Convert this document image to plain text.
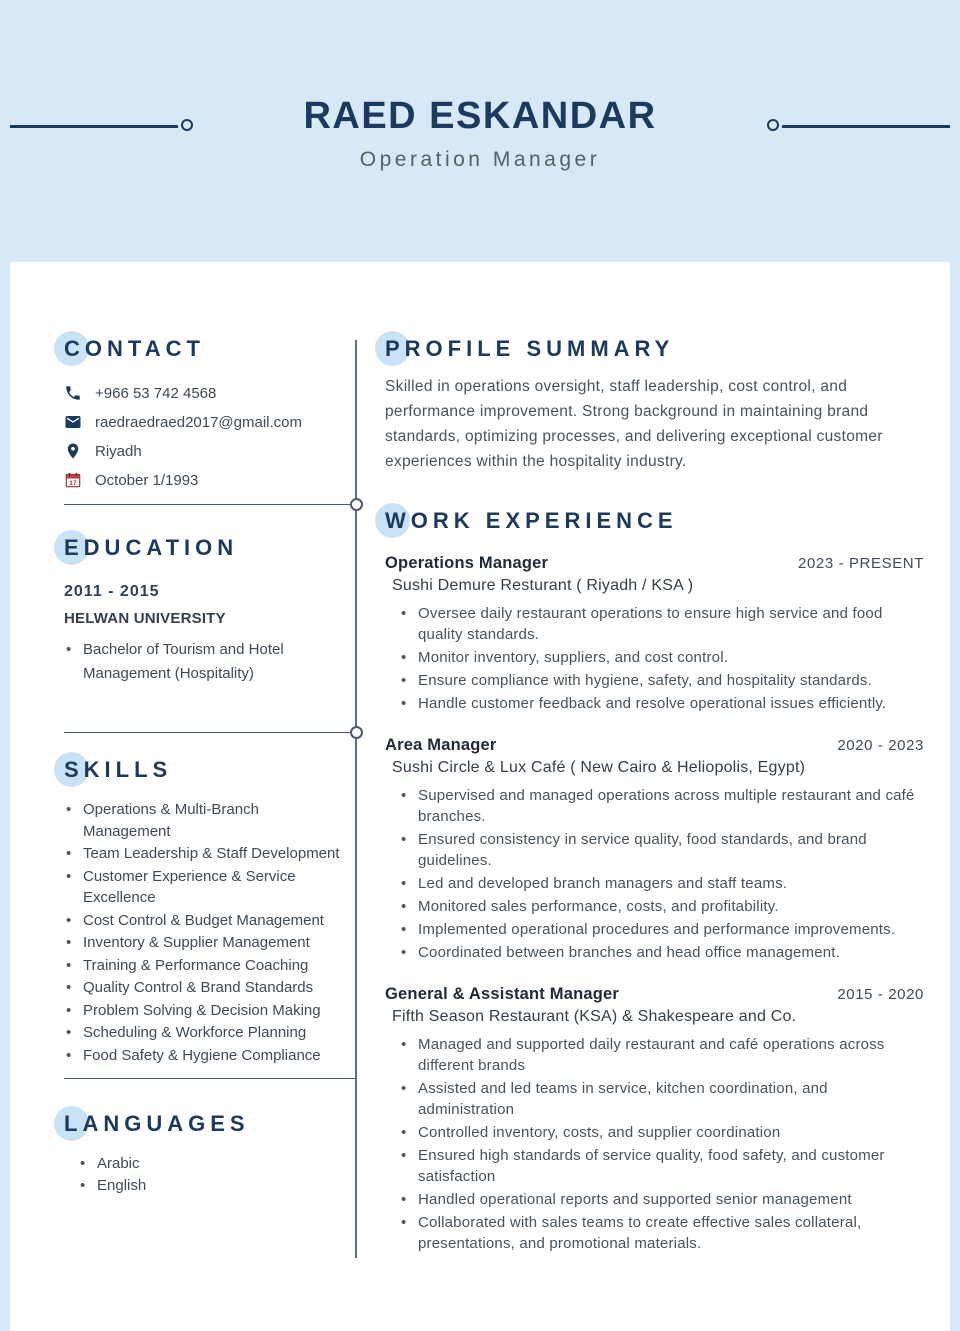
RAED ESKANDAR
Operation Manager
CONTACT
+966 53 742 4568
raedraedraed2017@gmail.com
Riyadh
17 October 1/1993
EDUCATION
2011 - 2015
HELWAN UNIVERSITY
• Bachelor of Tourism and Hotel Management (Hospitality)
SKILLS
• Operations & Multi-Branch Management
• Team Leadership & Staff Development
• Customer Experience & Service Excellence
• Cost Control & Budget Management
• Inventory & Supplier Management
• Training & Performance Coaching
• Quality Control & Brand Standards
• Problem Solving & Decision Making
• Scheduling & Workforce Planning
• Food Safety & Hygiene Compliance
LANGUAGES
• Arabic
• English
PROFILE SUMMARY

Skilled in operations oversight, staff leadership, cost control, and performance improvement. Strong background in maintaining brand standards, optimizing processes, and delivering exceptional customer experiences within the hospitality industry.

WORK EXPERIENCE
Operations Manager	2023 - PRESENT
Sushi Demure Resturant ( Riyadh / KSA )
• Oversee daily restaurant operations to ensure high service and food quality standards.
• Monitor inventory, suppliers, and cost control.
• Ensure compliance with hygiene, safety, and hospitality standards.
• Handle customer feedback and resolve operational issues efficiently.
Area Manager	2020 - 2023
Sushi Circle & Lux Café ( New Cairo & Heliopolis, Egypt)
• Supervised and managed operations across multiple restaurant and café branches.
• Ensured consistency in service quality, food standards, and brand guidelines.
• Led and developed branch managers and staff teams.
• Monitored sales performance, costs, and profitability.
• Implemented operational procedures and performance improvements.
• Coordinated between branches and head office management.
General & Assistant Manager	2015 - 2020
Fifth Season Restaurant (KSA) & Shakespeare and Co.
• Managed and supported daily restaurant and café operations across different brands
• Assisted and led teams in service, kitchen coordination, and administration
• Controlled inventory, costs, and supplier coordination
• Ensured high standards of service quality, food safety, and customer satisfaction
• Handled operational reports and supported senior management
• Collaborated with sales teams to create effective sales collateral, presentations, and promotional materials.
